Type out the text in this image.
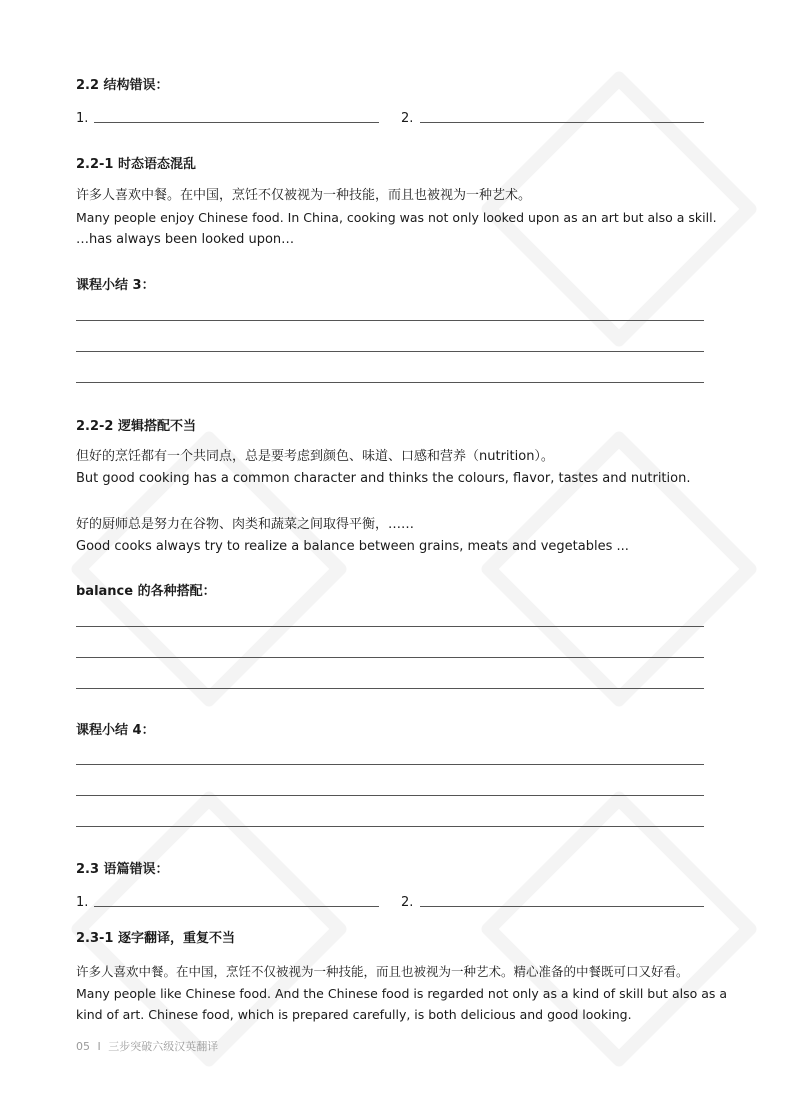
2.2 结构错误：
1.	2.
2.2-1 时态语态混乱
许多人喜欢中餐。在中国，烹饪不仅被视为一种技能，而且也被视为一种艺术。
Many people enjoy Chinese food. In China, cooking was not only looked upon as an art but also a skill.
…has always been looked upon…
课程小结 3：
2.2-2 逻辑搭配不当
但好的烹饪都有一个共同点，总是要考虑到颜色、味道、口感和营养（nutrition）。
But good cooking has a common character and thinks the colours, flavor, tastes and nutrition.
好的厨师总是努力在谷物、肉类和蔬菜之间取得平衡，……
Good cooks always try to realize a balance between grains, meats and vegetables ...
balance 的各种搭配：
课程小结 4：
2.3 语篇错误：
1.	2.
2.3-1 逐字翻译，重复不当
许多人喜欢中餐。在中国，烹饪不仅被视为一种技能，而且也被视为一种艺术。精心准备的中餐既可口又好看。
Many people like Chinese food. And the Chinese food is regarded not only as a kind of skill but also as a
kind of art. Chinese food, which is prepared carefully, is both delicious and good looking.
05 I 三步突破六级汉英翻译
